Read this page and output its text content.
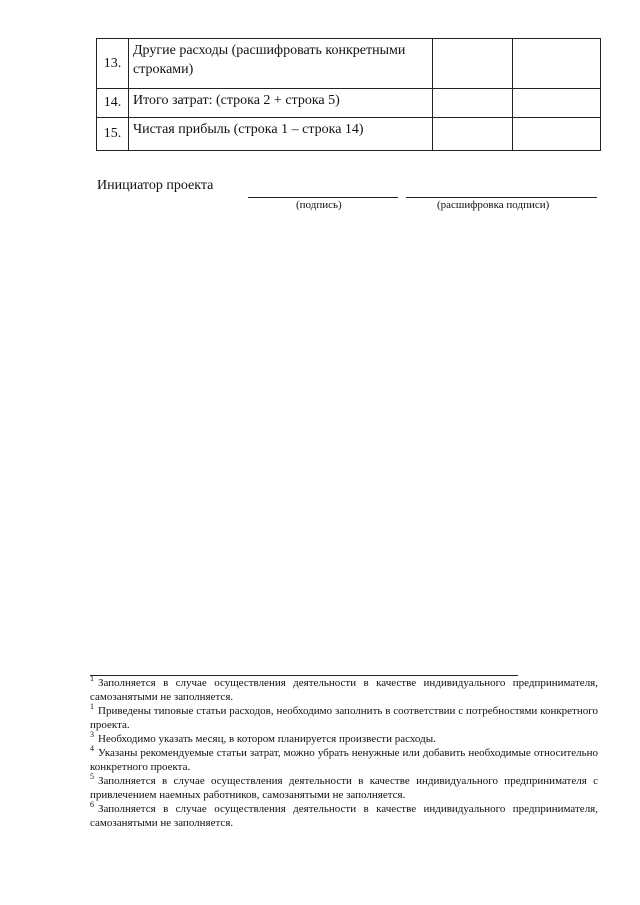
13.	Другие расходы (расшифровать конкретными строками)		
14.	Итого затрат: (строка 2 + строка 5)		
15.	Чистая прибыль (строка 1 – строка 14)		
Инициатор проекта
(подпись)	(расшифровка подписи)

$^1$ Заполняется в случае осуществления деятельности в качестве индивидуального предпринимателя, самозанятыми не заполняется.

$^1$ Приведены типовые статьи расходов, необходимо заполнить в соответствии с потребностями конкретного проекта.

$^3$ Необходимо указать месяц, в котором планируется произвести расходы.

$^4$ Указаны рекомендуемые статьи затрат, можно убрать ненужные или добавить необходимые относительно конкретного проекта.

$^5$ Заполняется в случае осуществления деятельности в качестве индивидуального предпринимателя с привлечением наемных работников, самозанятыми не заполняется.

$^6$ Заполняется в случае осуществления деятельности в качестве индивидуального предпринимателя, самозанятыми не заполняется.
